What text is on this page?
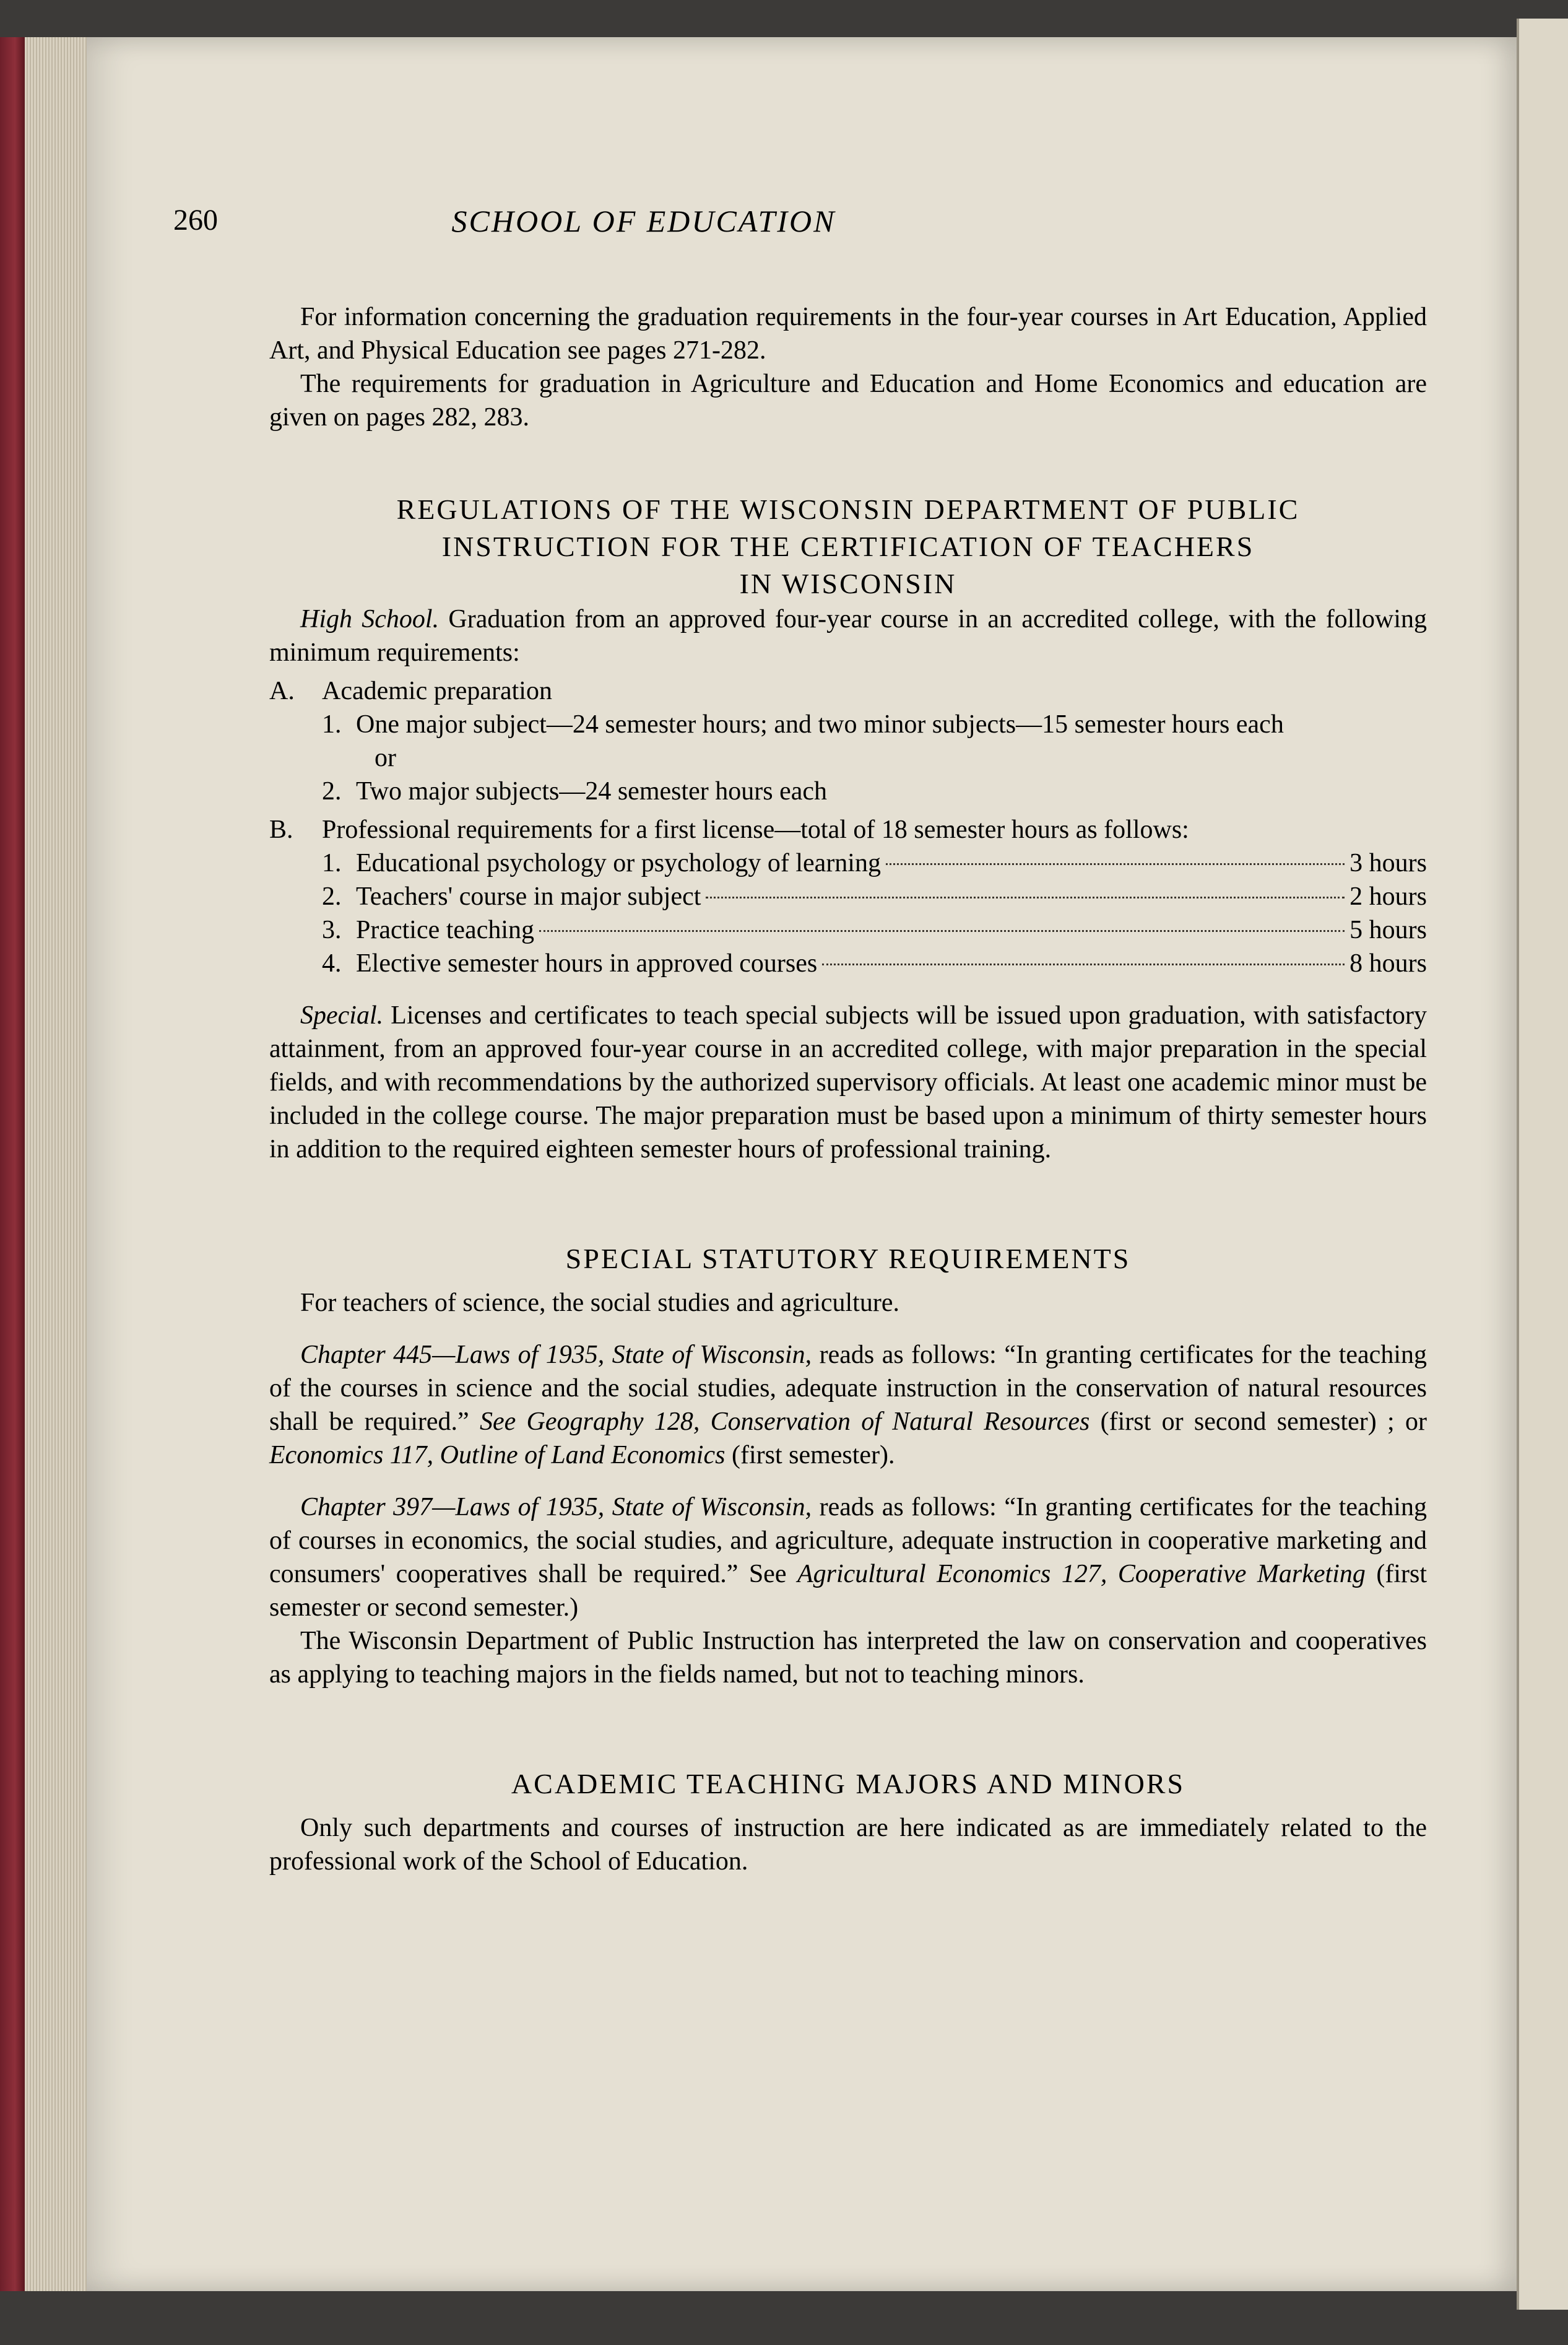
260	SCHOOL OF EDUCATION

For information concerning the graduation requirements in the four-year courses in Art Education, Applied Art, and Physical Education see pages 271-282.

The requirements for graduation in Agriculture and Education and Home Economics and education are given on pages 282, 283.

REGULATIONS OF THE WISCONSIN DEPARTMENT OF PUBLIC
INSTRUCTION FOR THE CERTIFICATION OF TEACHERS
IN WISCONSIN

High School. Graduation from an approved four-year course in an accredited college, with the following minimum requirements:

A.	Academic preparation
1. One major subject—24 semester hours; and two minor subjects—15 semester hours each
or
2. Two major subjects—24 semester hours each
B.	Professional requirements for a first license—total of 18 semester hours as follows:
1. Educational psychology or psychology of learning	3 hours
2. Teachers' course in major subject	2 hours
3. Practice teaching	5 hours
4. Elective semester hours in approved courses	8 hours

Special. Licenses and certificates to teach special subjects will be issued upon graduation, with satisfactory attainment, from an approved four-year course in an accredited college, with major preparation in the special fields, and with recommendations by the authorized supervisory officials. At least one academic minor must be included in the college course. The major preparation must be based upon a minimum of thirty semester hours in addition to the required eighteen semester hours of professional training.

SPECIAL STATUTORY REQUIREMENTS

For teachers of science, the social studies and agriculture.

Chapter 445—Laws of 1935, State of Wisconsin, reads as follows: “In granting certificates for the teaching of the courses in science and the social studies, adequate instruction in the conservation of natural resources shall be required.” See Geography 128, Conservation of Natural Resources (first or second semester) ; or Economics 117, Outline of Land Economics (first semester).

Chapter 397—Laws of 1935, State of Wisconsin, reads as follows: “In granting certificates for the teaching of courses in economics, the social studies, and agriculture, adequate instruction in cooperative marketing and consumers' cooperatives shall be required.” See Agricultural Economics 127, Cooperative Marketing (first semester or second semester.)

The Wisconsin Department of Public Instruction has interpreted the law on conservation and cooperatives as applying to teaching majors in the fields named, but not to teaching minors.

ACADEMIC TEACHING MAJORS AND MINORS

Only such departments and courses of instruction are here indicated as are immediately related to the professional work of the School of Education.
